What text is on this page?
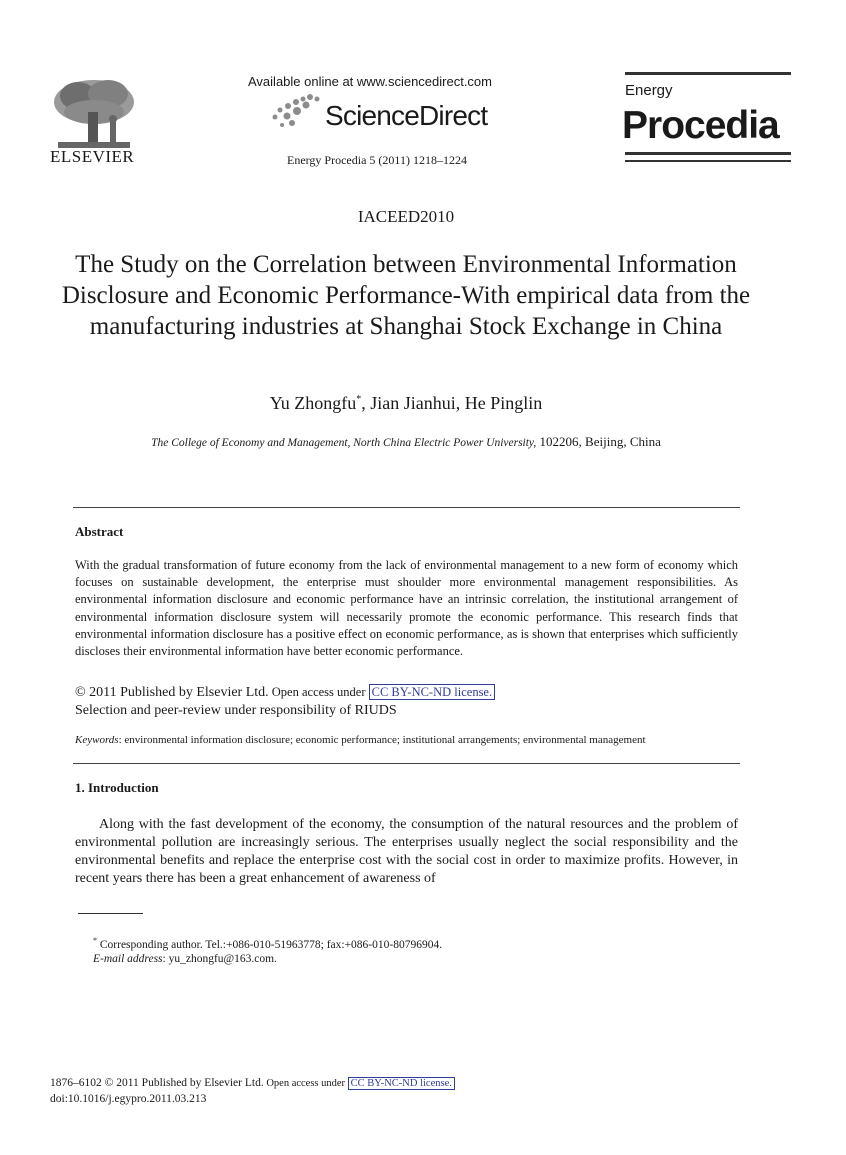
ELSEVIER
Available online at www.sciencedirect.com
ScienceDirect
Energy Procedia 5 (2011) 1218–1224
Energy
Procedia
IACEED2010
The Study on the Correlation between Environmental Information Disclosure and Economic Performance-With empirical data from the manufacturing industries at Shanghai Stock Exchange in China
Yu Zhongfu*, Jian Jianhui, He Pinglin
The College of Economy and Management, North China Electric Power University, 102206, Beijing, China
Abstract
With the gradual transformation of future economy from the lack of environmental management to a new form of economy which focuses on sustainable development, the enterprise must shoulder more environmental management responsibilities. As environmental information disclosure and economic performance have an intrinsic correlation, the institutional arrangement of environmental information disclosure system will necessarily promote the economic performance. This research finds that environmental information disclosure has a positive effect on economic performance, as is shown that enterprises which sufficiently discloses their environmental information have better economic performance.
© 2011 Published by Elsevier Ltd. Open access under CC BY-NC-ND license.
Selection and peer-review under responsibility of RIUDS
Keywords: environmental information disclosure; economic performance; institutional arrangements; environmental management
1. Introduction
Along with the fast development of the economy, the consumption of the natural resources and the problem of environmental pollution are increasingly serious. The enterprises usually neglect the social responsibility and the environmental benefits and replace the enterprise cost with the social cost in order to maximize profits. However, in recent years there has been a great enhancement of awareness of
* Corresponding author. Tel.:+086-010-51963778; fax:+086-010-80796904.
E-mail address: yu_zhongfu@163.com.
1876–6102 © 2011 Published by Elsevier Ltd. Open access under CC BY-NC-ND license.
doi:10.1016/j.egypro.2011.03.213
